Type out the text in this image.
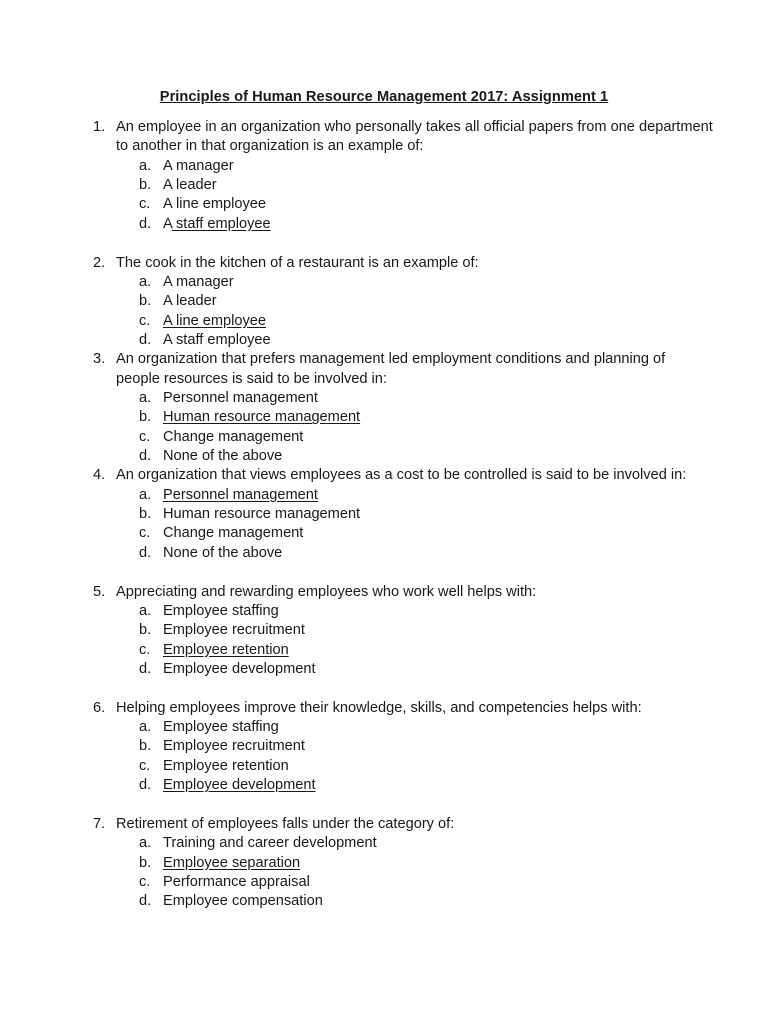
Principles of Human Resource Management 2017: Assignment 1
1. An employee in an organization who personally takes all official papers from one department to another in that organization is an example of:
a. A manager
b. A leader
c. A line employee
d. A staff employee
2. The cook in the kitchen of a restaurant is an example of:
a. A manager
b. A leader
c. A line employee
d. A staff employee
3. An organization that prefers management led employment conditions and planning of people resources is said to be involved in:
a. Personnel management
b. Human resource management
c. Change management
d. None of the above
4. An organization that views employees as a cost to be controlled is said to be involved in:
a. Personnel management
b. Human resource management
c. Change management
d. None of the above
5. Appreciating and rewarding employees who work well helps with:
a. Employee staffing
b. Employee recruitment
c. Employee retention
d. Employee development
6. Helping employees improve their knowledge, skills, and competencies helps with:
a. Employee staffing
b. Employee recruitment
c. Employee retention
d. Employee development
7. Retirement of employees falls under the category of:
a. Training and career development
b. Employee separation
c. Performance appraisal
d. Employee compensation
